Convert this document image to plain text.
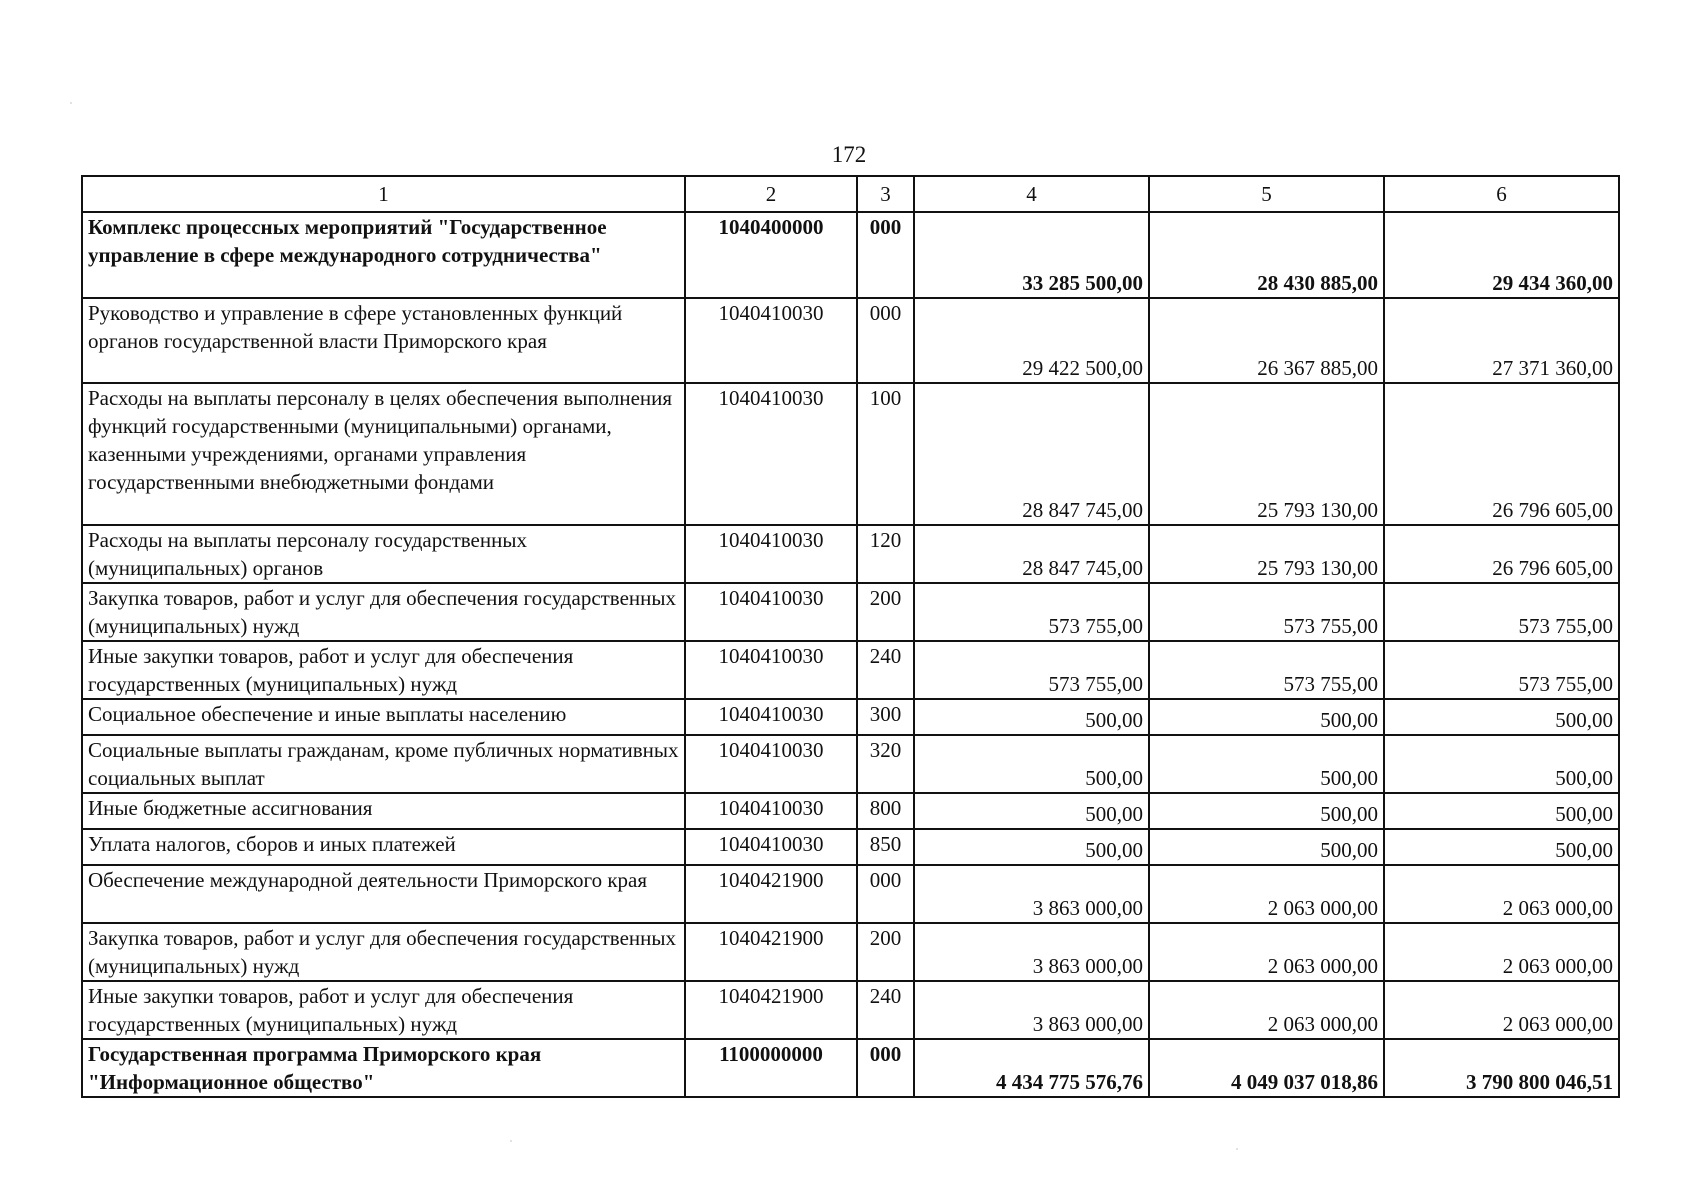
172
1	2	3	4	5	6
Комплекс процессных мероприятий "Государственное управление в сфере международного сотрудничества"	1040400000	000	33 285 500,00	28 430 885,00	29 434 360,00
Руководство и управление в сфере установленных функций органов государственной власти Приморского края	1040410030	000	29 422 500,00	26 367 885,00	27 371 360,00
Расходы на выплаты персоналу в целях обеспечения выполнения функций государственными (муниципальными) органами, казенными учреждениями, органами управления государственными внебюджетными фондами	1040410030	100	28 847 745,00	25 793 130,00	26 796 605,00
Расходы на выплаты персоналу государственных (муниципальных) органов	1040410030	120	28 847 745,00	25 793 130,00	26 796 605,00
Закупка товаров, работ и услуг для обеспечения государственных (муниципальных) нужд	1040410030	200	573 755,00	573 755,00	573 755,00
Иные закупки товаров, работ и услуг для обеспечения государственных (муниципальных) нужд	1040410030	240	573 755,00	573 755,00	573 755,00
Социальное обеспечение и иные выплаты населению	1040410030	300	500,00	500,00	500,00
Социальные выплаты гражданам, кроме публичных нормативных социальных выплат	1040410030	320	500,00	500,00	500,00
Иные бюджетные ассигнования	1040410030	800	500,00	500,00	500,00
Уплата налогов, сборов и иных платежей	1040410030	850	500,00	500,00	500,00
Обеспечение международной деятельности Приморского края	1040421900	000	3 863 000,00	2 063 000,00	2 063 000,00
Закупка товаров, работ и услуг для обеспечения государственных (муниципальных) нужд	1040421900	200	3 863 000,00	2 063 000,00	2 063 000,00
Иные закупки товаров, работ и услуг для обеспечения государственных (муниципальных) нужд	1040421900	240	3 863 000,00	2 063 000,00	2 063 000,00
Государственная программа Приморского края "Информационное общество"	1100000000	000	4 434 775 576,76	4 049 037 018,86	3 790 800 046,51
